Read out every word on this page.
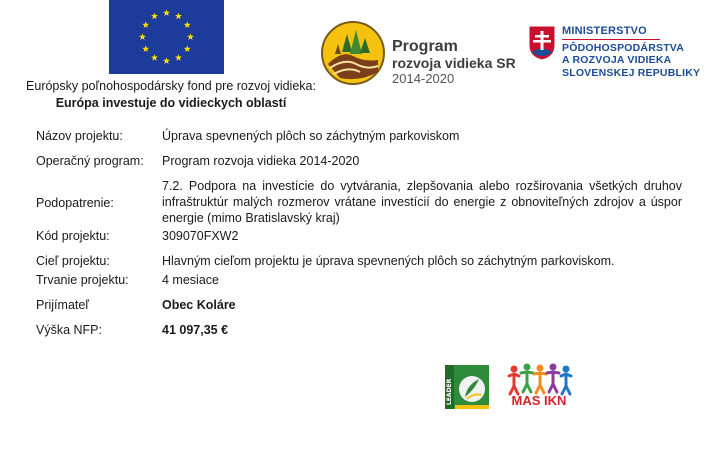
Európsky poľnohospodársky fond pre rozvoj vidieka:
Európa investuje do vidieckych oblastí
Program
rozvoja vidieka SR
2014-2020
MINISTERSTVO
PÔDOHOSPODÁRSTVA
A ROZVOJA VIDIEKA
SLOVENSKEJ REPUBLIKY
Názov projektu:	Úprava spevnených plôch so záchytným parkoviskom
Operačný program:	Program rozvoja vidieka 2014-2020
Podopatrenie:	7.2. Podpora na investície do vytvárania, zlepšovania alebo rozširovania všetkých druhov infraštruktúr malých rozmerov vrátane investícií do energie z obnoviteľných zdrojov a úspor energie (mimo Bratislavský kraj)
Kód projektu:	309070FXW2
Cieľ projektu:	Hlavným cieľom projektu je úprava spevnených plôch so záchytným parkoviskom.
Trvanie projektu:	4 mesiace
Prijímateľ	Obec Koláre
Výška NFP:	41 097,35 €
LEADER	MAS IKN
